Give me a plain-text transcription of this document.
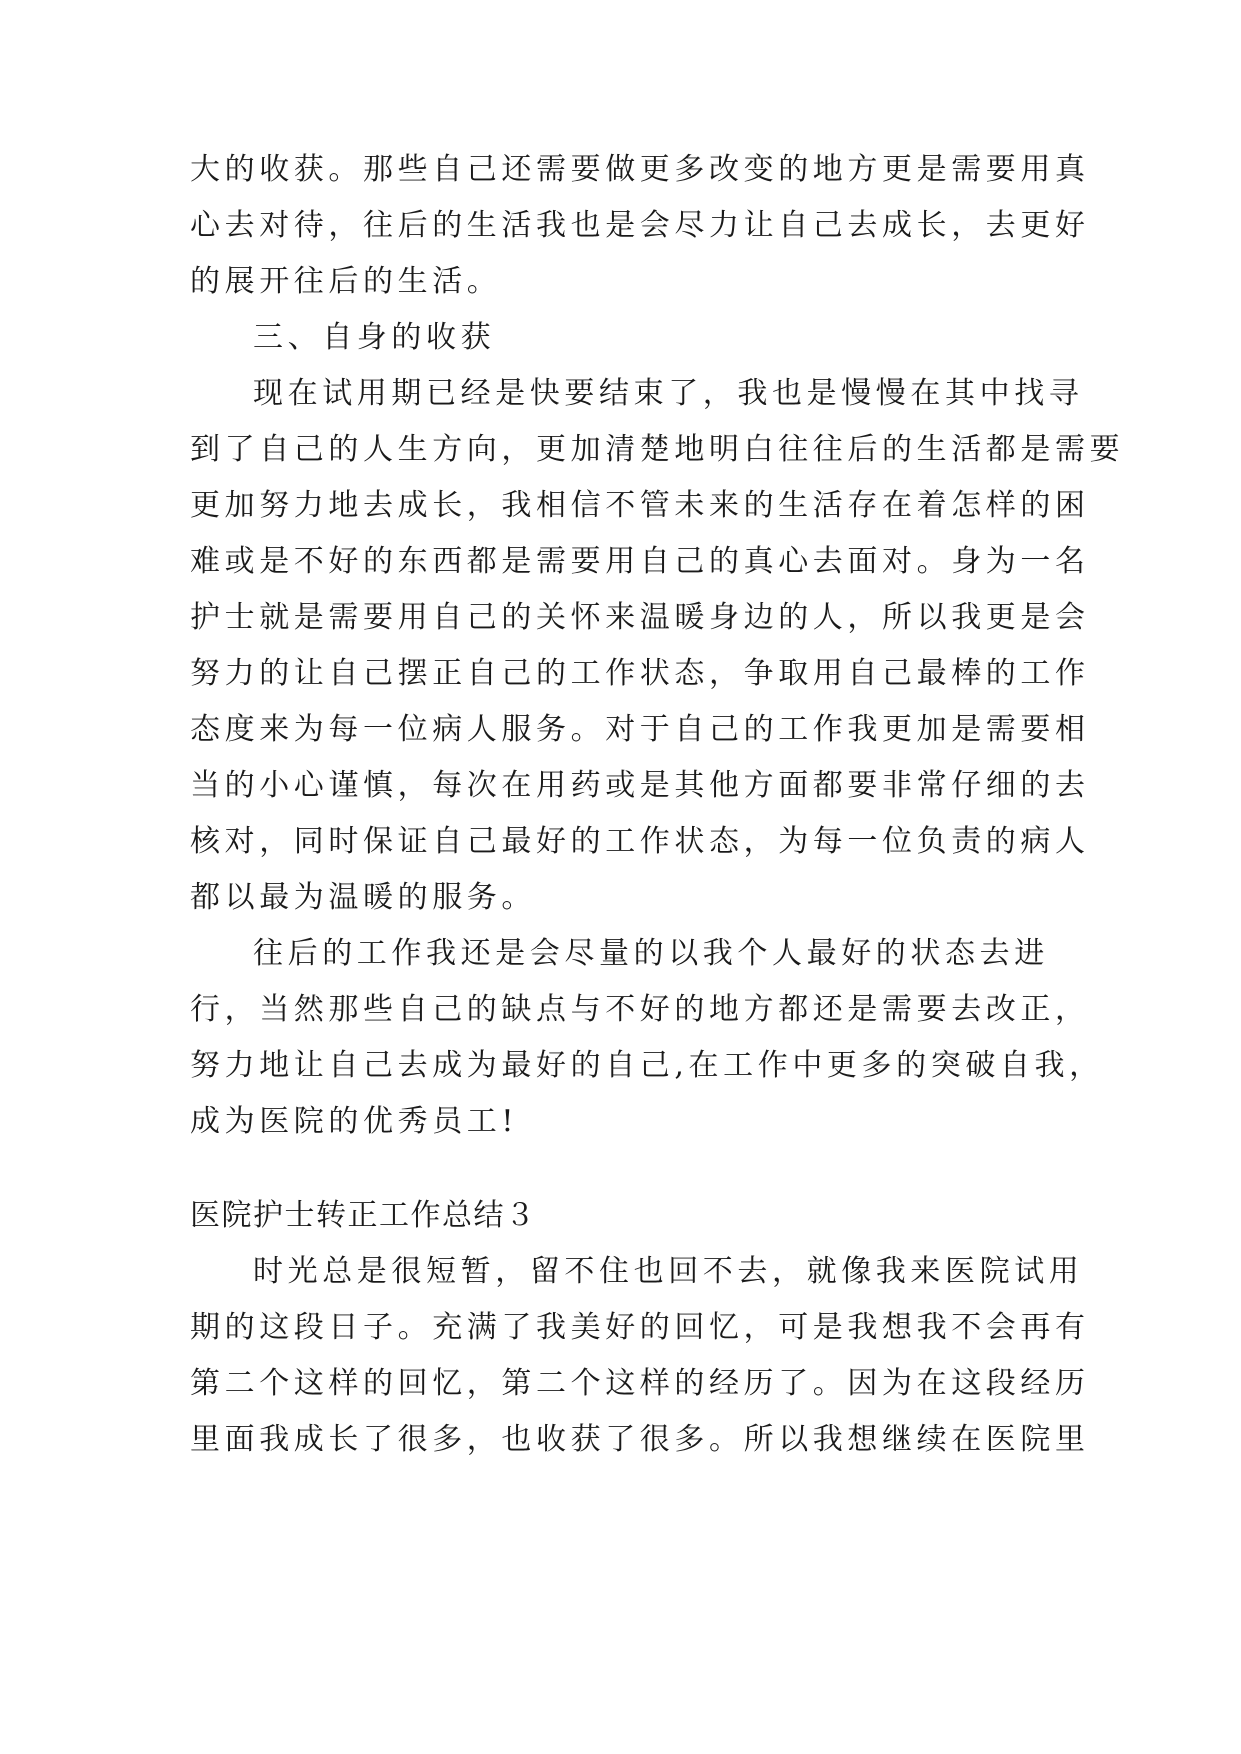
大的收获。那些自己还需要做更多改变的地方更是需要用真
心去对待，往后的生活我也是会尽力让自己去成长，去更好
的展开往后的生活。
三、自身的收获
现在试用期已经是快要结束了，我也是慢慢在其中找寻
到了自己的人生方向，更加清楚地明白往往后的生活都是需要
更加努力地去成长，我相信不管未来的生活存在着怎样的困
难或是不好的东西都是需要用自己的真心去面对。身为一名
护士就是需要用自己的关怀来温暖身边的人，所以我更是会
努力的让自己摆正自己的工作状态，争取用自己最棒的工作
态度来为每一位病人服务。对于自己的工作我更加是需要相
当的小心谨慎，每次在用药或是其他方面都要非常仔细的去
核对，同时保证自己最好的工作状态，为每一位负责的病人
都以最为温暖的服务。
往后的工作我还是会尽量的以我个人最好的状态去进
行，当然那些自己的缺点与不好的地方都还是需要去改正，
努力地让自己去成为最好的自己,在工作中更多的突破自我，
成为医院的优秀员工!
医院护士转正工作总结３
时光总是很短暂，留不住也回不去，就像我来医院试用
期的这段日子。充满了我美好的回忆，可是我想我不会再有
第二个这样的回忆，第二个这样的经历了。因为在这段经历
里面我成长了很多，也收获了很多。所以我想继续在医院里
